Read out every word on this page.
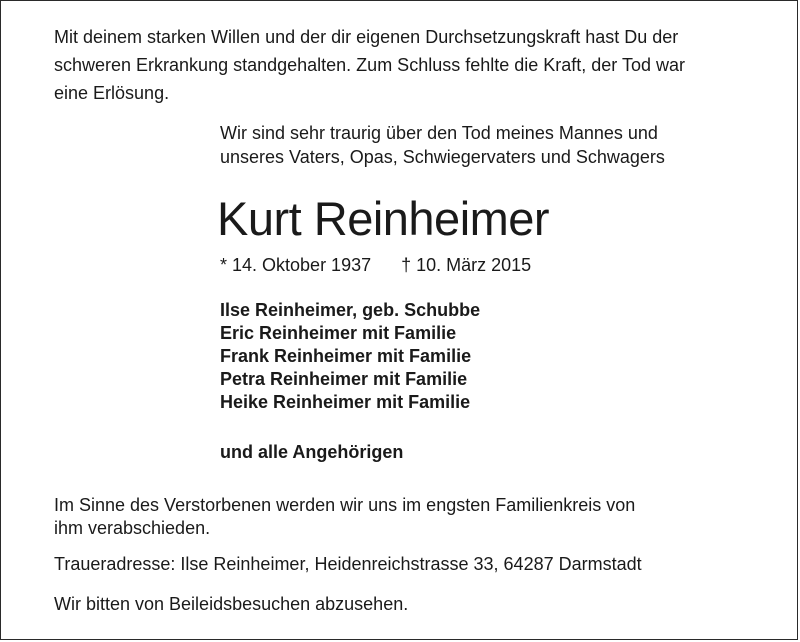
Mit deinem starken Willen und der dir eigenen Durchsetzungskraft hast Du der
schweren Erkrankung standgehalten. Zum Schluss fehlte die Kraft, der Tod war
eine Erlösung.
Wir sind sehr traurig über den Tod meines Mannes und
unseres Vaters, Opas, Schwiegervaters und Schwagers
Kurt Reinheimer
* 14. Oktober 1937 † 10. März 2015
Ilse Reinheimer, geb. Schubbe
Eric Reinheimer mit Familie
Frank Reinheimer mit Familie
Petra Reinheimer mit Familie
Heike Reinheimer mit Familie
und alle Angehörigen
Im Sinne des Verstorbenen werden wir uns im engsten Familienkreis von
ihm verabschieden.
Traueradresse: Ilse Reinheimer, Heidenreichstrasse 33, 64287 Darmstadt
Wir bitten von Beileidsbesuchen abzusehen.
